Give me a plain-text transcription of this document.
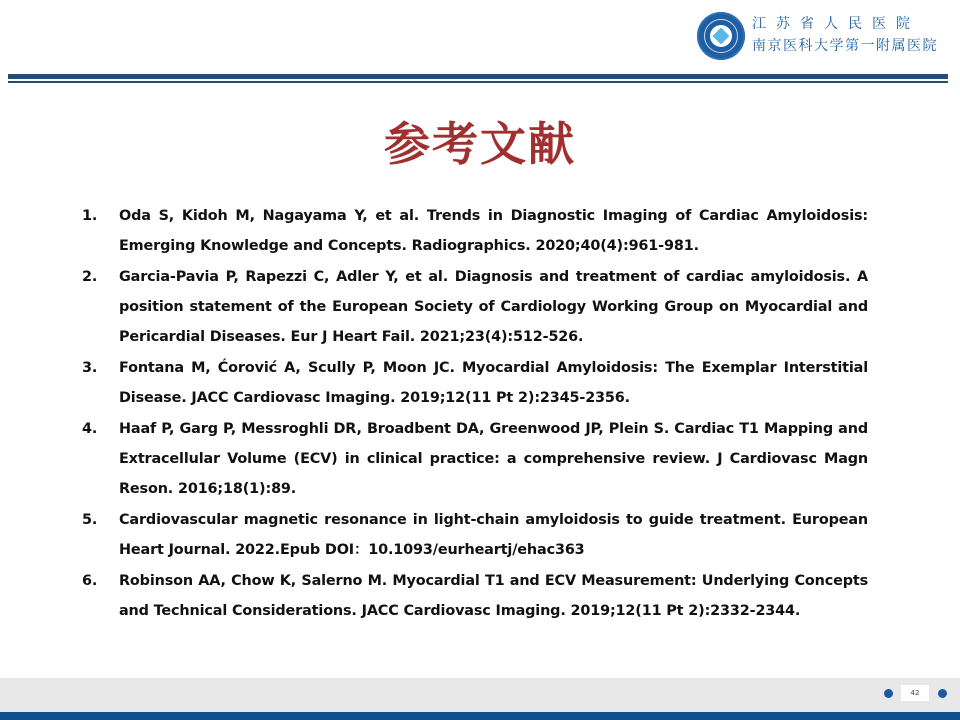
江苏省人民医院
南京医科大学第一附属医院
参考文献
1. Oda S, Kidoh M, Nagayama Y, et al. Trends in Diagnostic Imaging of Cardiac Amyloidosis: Emerging Knowledge and Concepts. Radiographics. 2020;40(4):961-981.
2. Garcia-Pavia P, Rapezzi C, Adler Y, et al. Diagnosis and treatment of cardiac amyloidosis. A position statement of the European Society of Cardiology Working Group on Myocardial and Pericardial Diseases. Eur J Heart Fail. 2021;23(4):512-526.
3. Fontana M, Ćorović A, Scully P, Moon JC. Myocardial Amyloidosis: The Exemplar Interstitial Disease. JACC Cardiovasc Imaging. 2019;12(11 Pt 2):2345-2356.
4. Haaf P, Garg P, Messroghli DR, Broadbent DA, Greenwood JP, Plein S. Cardiac T1 Mapping and Extracellular Volume (ECV) in clinical practice: a comprehensive review. J Cardiovasc Magn Reson. 2016;18(1):89.
5. Cardiovascular magnetic resonance in light-chain amyloidosis to guide treatment. European Heart Journal. 2022.Epub DOI：10.1093/eurheartj/ehac363
6. Robinson AA, Chow K, Salerno M. Myocardial T1 and ECV Measurement: Underlying Concepts and Technical Considerations. JACC Cardiovasc Imaging. 2019;12(11 Pt 2):2332-2344.
42
